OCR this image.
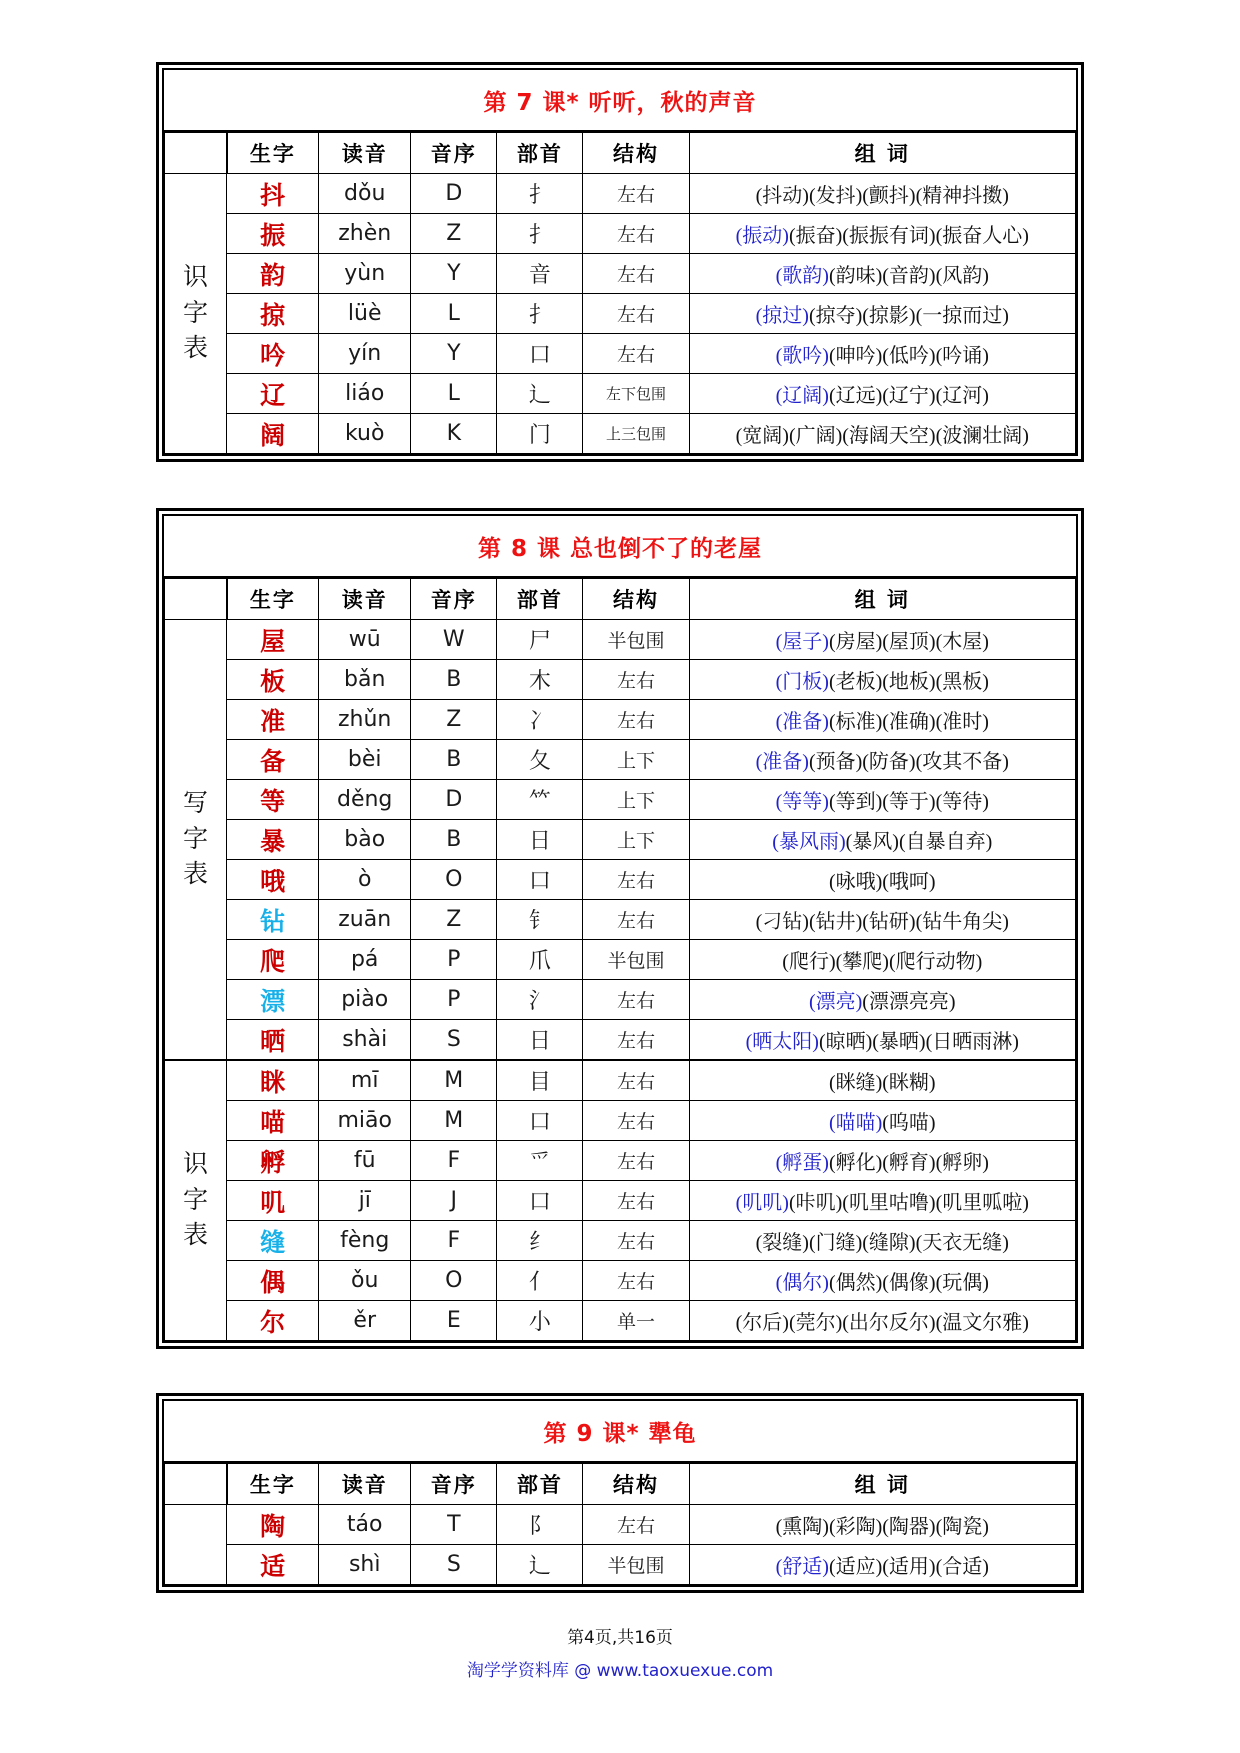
第 7 课* 听听，秋的声音
	生字	读音	音序	部首	结构	组 词

识
字
表	抖	dǒu	D	扌	左右	(抖动)(发抖)(颤抖)(精神抖擞)
	振	zhèn	Z	扌	左右	(振动)(振奋)(振振有词)(振奋人心)
	韵	yùn	Y	音	左右	(歌韵)(韵味)(音韵)(风韵)
	掠	lüè	L	扌	左右	(掠过)(掠夺)(掠影)(一掠而过)
	吟	yín	Y	口	左右	(歌吟)(呻吟)(低吟)(吟诵)
	辽	liáo	L	辶	左下包围	(辽阔)(辽远)(辽宁)(辽河)
	阔	kuò	K	门	上三包围	(宽阔)(广阔)(海阔天空)(波澜壮阔)
第 8 课 总也倒不了的老屋
	生字	读音	音序	部首	结构	组 词

写
字
表	屋	wū	W	尸	半包围	(屋子)(房屋)(屋顶)(木屋)
	板	bǎn	B	木	左右	(门板)(老板)(地板)(黑板)
	准	zhǔn	Z	冫	左右	(准备)(标准)(准确)(准时)
	备	bèi	B	夂	上下	(准备)(预备)(防备)(攻其不备)
	等	děng	D	𥫗	上下	(等等)(等到)(等于)(等待)
	暴	bào	B	日	上下	(暴风雨)(暴风)(自暴自弃)
	哦	ò	O	口	左右	(咏哦)(哦呵)
	钻	zuān	Z	钅	左右	(刁钻)(钻井)(钻研)(钻牛角尖)
	爬	pá	P	爪	半包围	(爬行)(攀爬)(爬行动物)
	漂	piào	P	氵	左右	(漂亮)(漂漂亮亮)
	晒	shài	S	日	左右	(晒太阳)(晾晒)(暴晒)(日晒雨淋)

识
字
表	眯	mī	M	目	左右	(眯缝)(眯糊)
	喵	miāo	M	口	左右	(喵喵)(呜喵)
	孵	fū	F	爫	左右	(孵蛋)(孵化)(孵育)(孵卵)
	叽	jī	J	口	左右	(叽叽)(咔叽)(叽里咕噜)(叽里呱啦)
	缝	fèng	F	纟	左右	(裂缝)(门缝)(缝隙)(天衣无缝)
	偶	ǒu	O	亻	左右	(偶尔)(偶然)(偶像)(玩偶)
	尔	ěr	E	小	单一	(尔后)(莞尔)(出尔反尔)(温文尔雅)
第 9 课* 犟龟
	生字	读音	音序	部首	结构	组 词
	陶	táo	T	阝	左右	(熏陶)(彩陶)(陶器)(陶瓷)
	适	shì	S	辶	半包围	(舒适)(适应)(适用)(合适)
第4页,共16页
淘学学资料库 @ www.taoxuexue.com
